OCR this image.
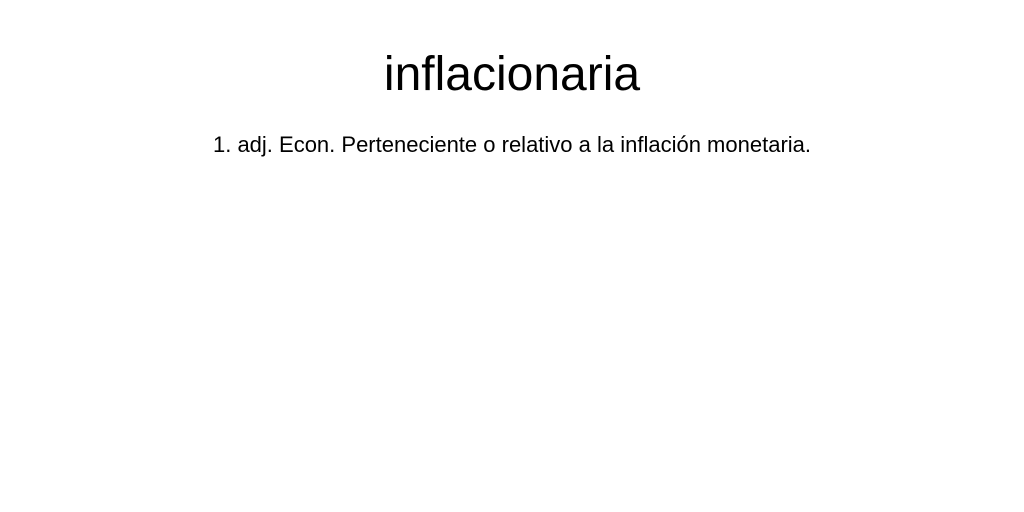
inflacionaria

1. adj. Econ. Perteneciente o relativo a la inflación monetaria.
